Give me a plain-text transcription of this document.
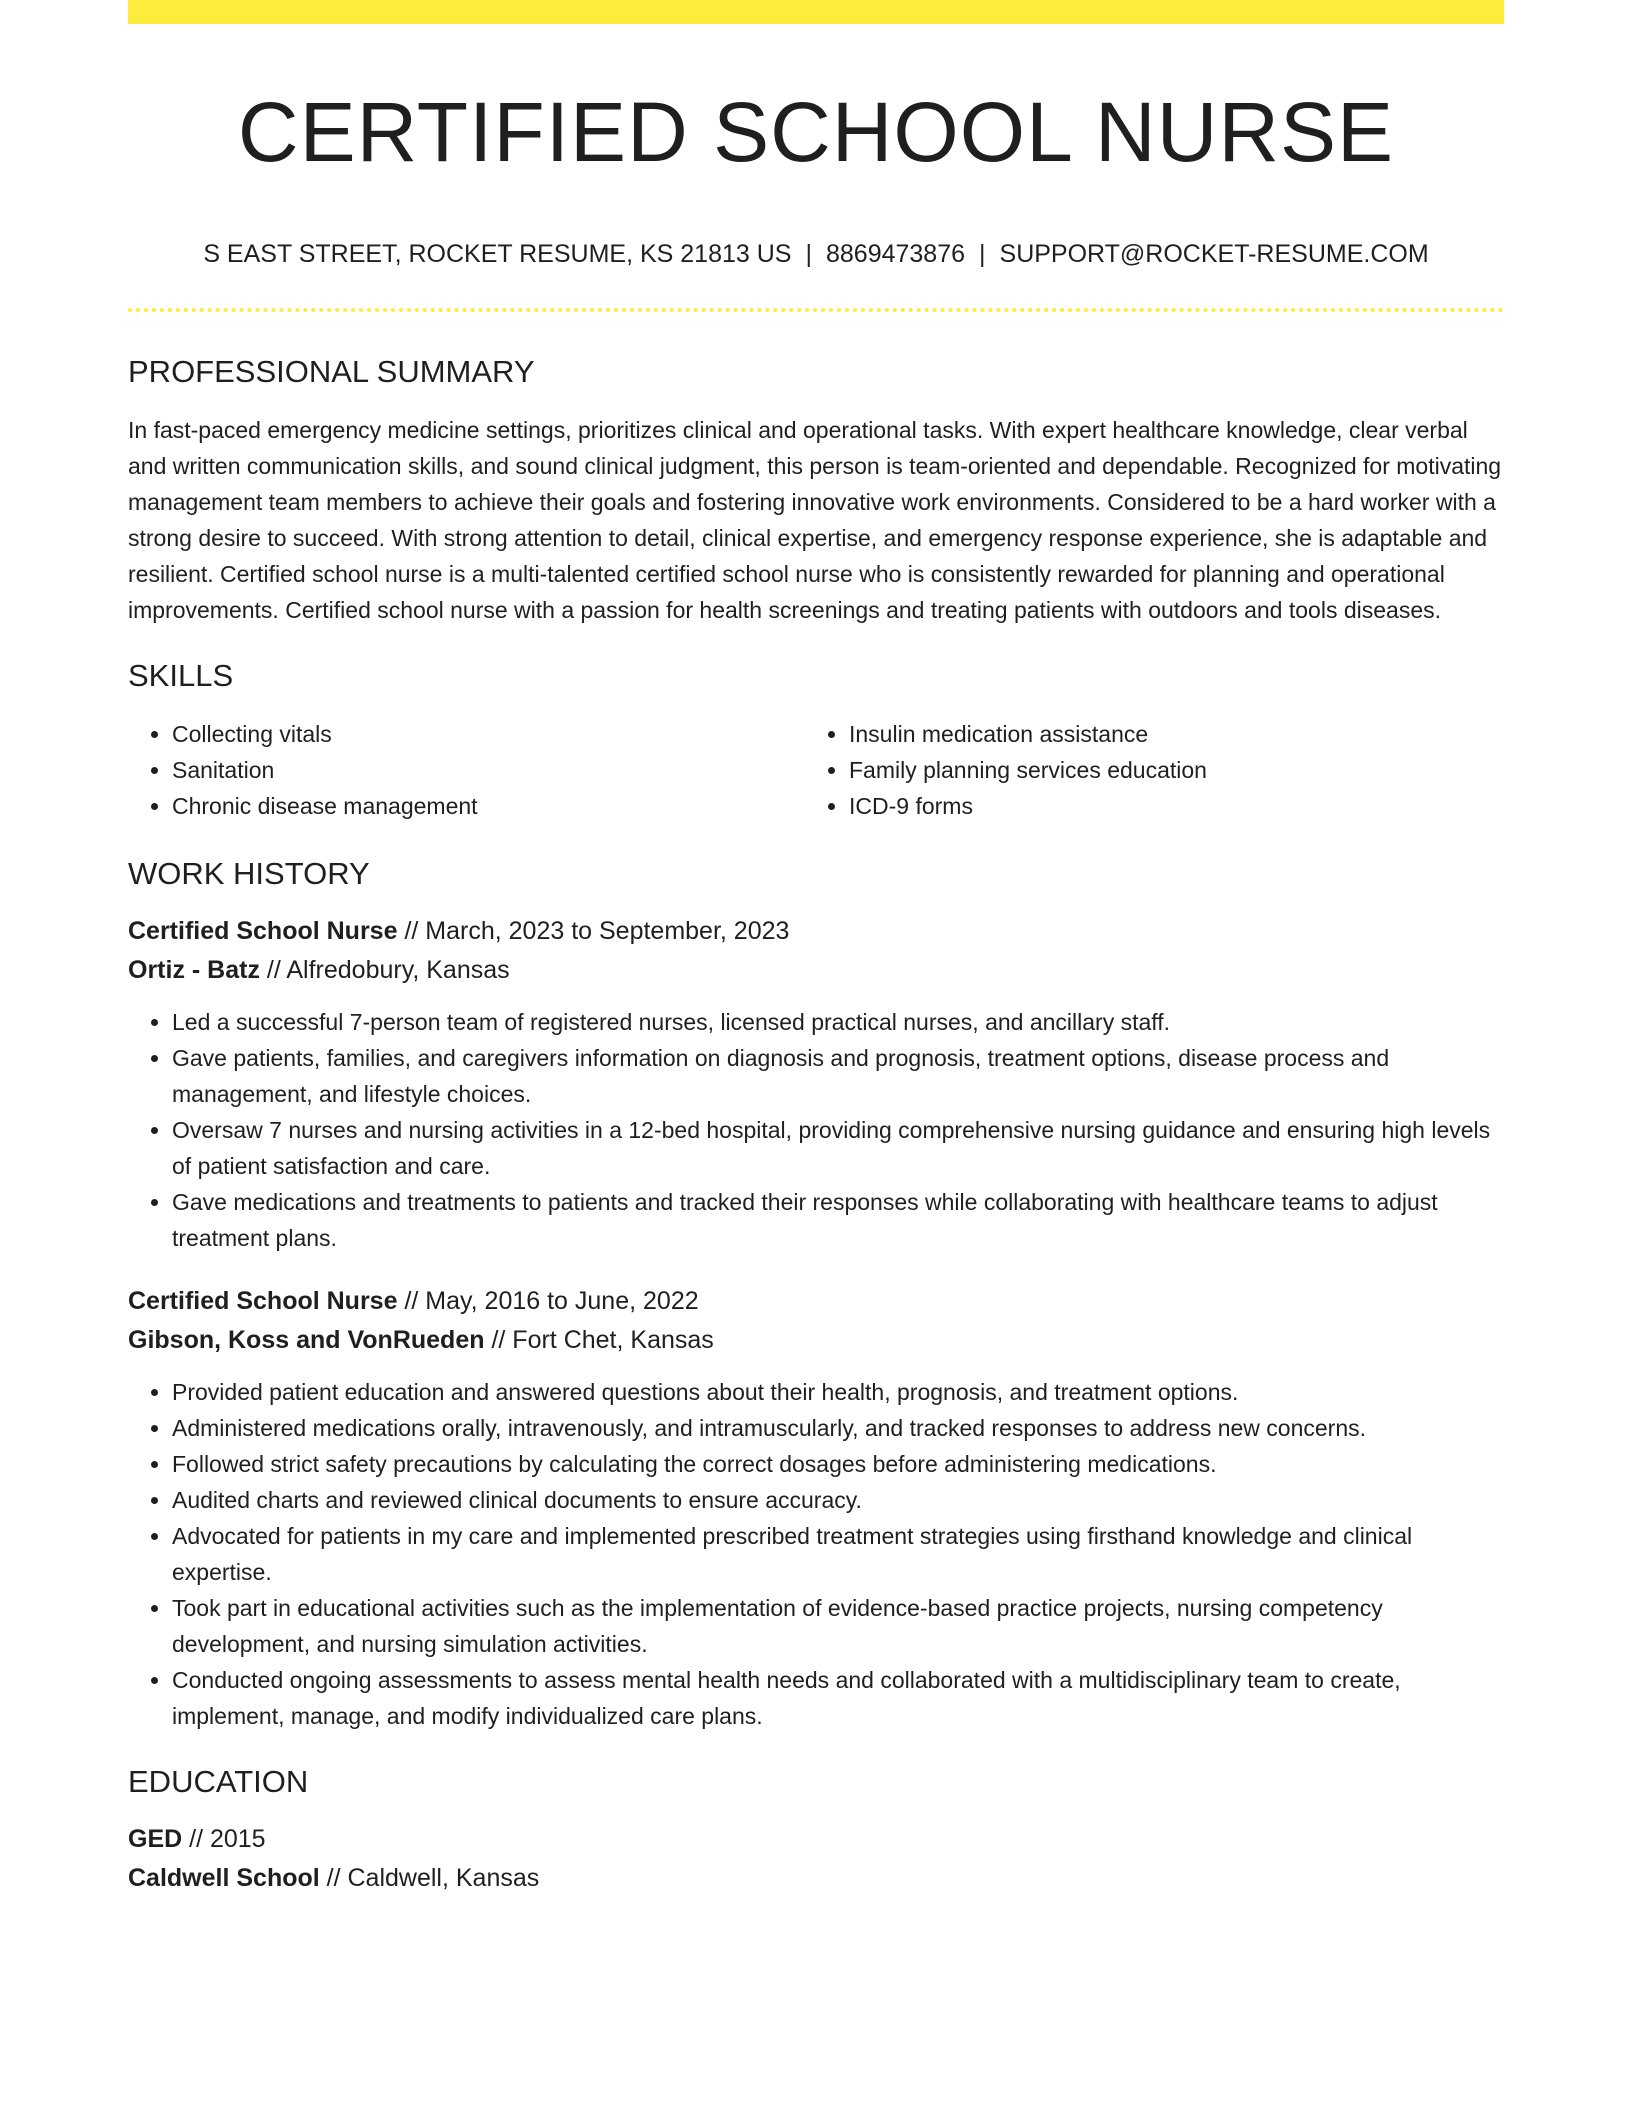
CERTIFIED SCHOOL NURSE
S EAST STREET, ROCKET RESUME, KS 21813 US | 8869473876 | SUPPORT@ROCKET-RESUME.COM
PROFESSIONAL SUMMARY
In fast-paced emergency medicine settings, prioritizes clinical and operational tasks. With expert healthcare knowledge, clear verbal and written communication skills, and sound clinical judgment, this person is team-oriented and dependable. Recognized for motivating management team members to achieve their goals and fostering innovative work environments. Considered to be a hard worker with a strong desire to succeed. With strong attention to detail, clinical expertise, and emergency response experience, she is adaptable and resilient. Certified school nurse is a multi-talented certified school nurse who is consistently rewarded for planning and operational improvements. Certified school nurse with a passion for health screenings and treating patients with outdoors and tools diseases.
SKILLS
• Collecting vitals
• Sanitation
• Chronic disease management
• Insulin medication assistance
• Family planning services education
• ICD-9 forms
WORK HISTORY
Certified School Nurse // March, 2023 to September, 2023
Ortiz - Batz // Alfredobury, Kansas
• Led a successful 7-person team of registered nurses, licensed practical nurses, and ancillary staff.
• Gave patients, families, and caregivers information on diagnosis and prognosis, treatment options, disease process and management, and lifestyle choices.
• Oversaw 7 nurses and nursing activities in a 12-bed hospital, providing comprehensive nursing guidance and ensuring high levels of patient satisfaction and care.
• Gave medications and treatments to patients and tracked their responses while collaborating with healthcare teams to adjust treatment plans.
Certified School Nurse // May, 2016 to June, 2022
Gibson, Koss and VonRueden // Fort Chet, Kansas
• Provided patient education and answered questions about their health, prognosis, and treatment options.
• Administered medications orally, intravenously, and intramuscularly, and tracked responses to address new concerns.
• Followed strict safety precautions by calculating the correct dosages before administering medications.
• Audited charts and reviewed clinical documents to ensure accuracy.
• Advocated for patients in my care and implemented prescribed treatment strategies using firsthand knowledge and clinical expertise.
• Took part in educational activities such as the implementation of evidence-based practice projects, nursing competency development, and nursing simulation activities.
• Conducted ongoing assessments to assess mental health needs and collaborated with a multidisciplinary team to create, implement, manage, and modify individualized care plans.
EDUCATION
GED // 2015
Caldwell School // Caldwell, Kansas
